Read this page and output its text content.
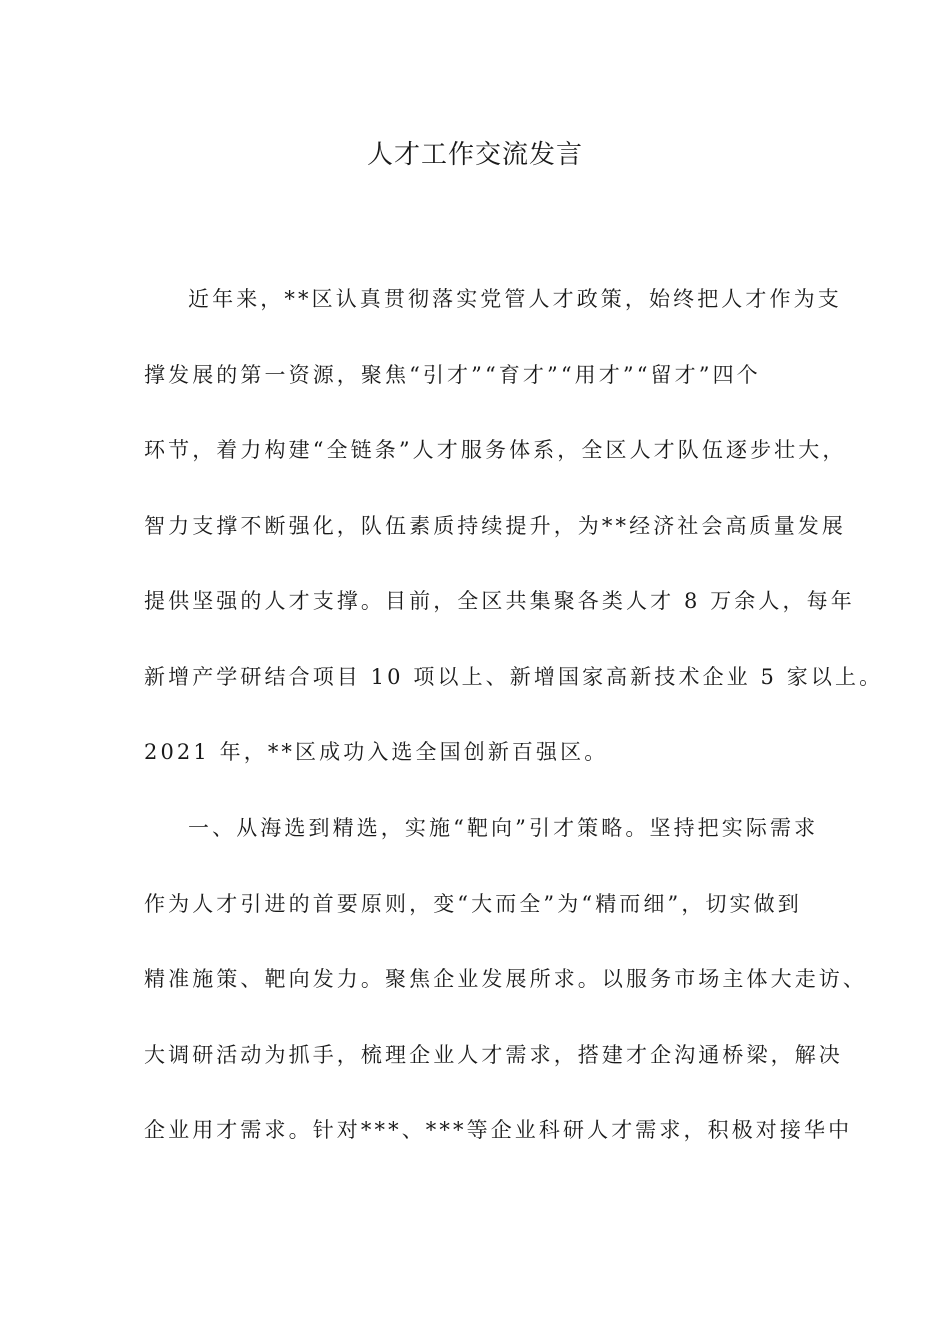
人才工作交流发言
近年来，**区认真贯彻落实党管人才政策，始终把人才作为支
撑发展的第一资源，聚焦“引才”“育才”“用才”“留才”四个
环节，着力构建“全链条”人才服务体系，全区人才队伍逐步壮大，
智力支撑不断强化，队伍素质持续提升，为**经济社会高质量发展
提供坚强的人才支撑。目前，全区共集聚各类人才 8 万余人，每年
新增产学研结合项目 10 项以上、新增国家高新技术企业 5 家以上。
2021 年，**区成功入选全国创新百强区。
一、从海选到精选，实施“靶向”引才策略。坚持把实际需求
作为人才引进的首要原则，变“大而全”为“精而细”，切实做到
精准施策、靶向发力。聚焦企业发展所求。以服务市场主体大走访、
大调研活动为抓手，梳理企业人才需求，搭建才企沟通桥梁，解决
企业用才需求。针对***、***等企业科研人才需求，积极对接华中
